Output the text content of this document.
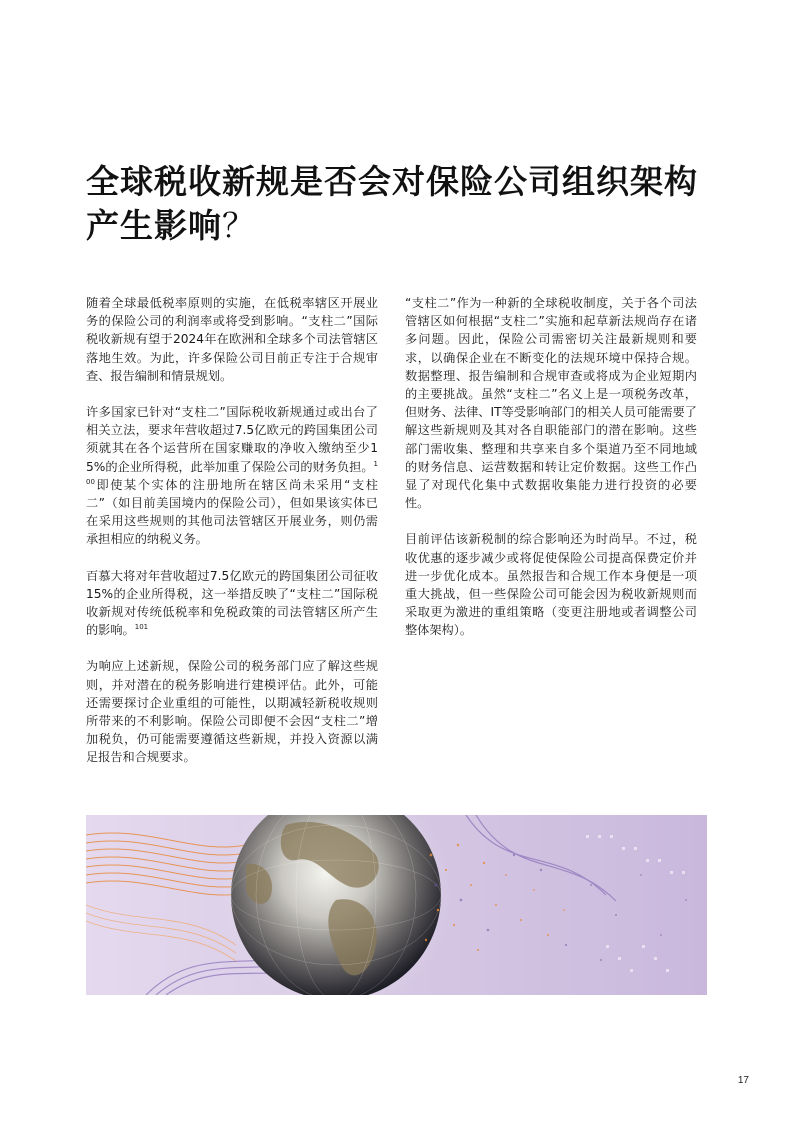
全球税收新规是否会对保险公司组织架构
产生影响？

随着全球最低税率原则的实施，在低税率辖区开展业务的保险公司的利润率或将受到影响。“支柱二”国际税收新规有望于2024年在欧洲和全球多个司法管辖区落地生效。为此，许多保险公司目前正专注于合规审查、报告编制和情景规划。

许多国家已针对“支柱二”国际税收新规通过或出台了相关立法，要求年营收超过7.5亿欧元的跨国集团公司须就其在各个运营所在国家赚取的净收入缴纳至少15%的企业所得税，此举加重了保险公司的财务负担。$^{100}$即使某个实体的注册地所在辖区尚未采用“支柱二”（如目前美国境内的保险公司），但如果该实体已在采用这些规则的其他司法管辖区开展业务，则仍需承担相应的纳税义务。

百慕大将对年营收超过7.5亿欧元的跨国集团公司征收15%的企业所得税，这一举措反映了“支柱二”国际税收新规对传统低税率和免税政策的司法管辖区所产生的影响。$^{101}$

为响应上述新规，保险公司的税务部门应了解这些规则，并对潜在的税务影响进行建模评估。此外，可能还需要探讨企业重组的可能性，以期减轻新税收规则所带来的不利影响。保险公司即便不会因“支柱二”增加税负，仍可能需要遵循这些新规，并投入资源以满足报告和合规要求。

“支柱二”作为一种新的全球税收制度，关于各个司法管辖区如何根据“支柱二”实施和起草新法规尚存在诸多问题。因此，保险公司需密切关注最新规则和要求，以确保企业在不断变化的法规环境中保持合规。数据整理、报告编制和合规审查或将成为企业短期内的主要挑战。虽然“支柱二”名义上是一项税务改革，但财务、法律、IT等受影响部门的相关人员可能需要了解这些新规则及其对各自职能部门的潜在影响。这些部门需收集、整理和共享来自多个渠道乃至不同地域的财务信息、运营数据和转让定价数据。这些工作凸显了对现代化集中式数据收集能力进行投资的必要性。

目前评估该新税制的综合影响还为时尚早。不过，税收优惠的逐步减少或将促使保险公司提高保费定价并进一步优化成本。虽然报告和合规工作本身便是一项重大挑战，但一些保险公司可能会因为税收新规则而采取更为激进的重组策略（变更注册地或者调整公司整体架构）。

17
